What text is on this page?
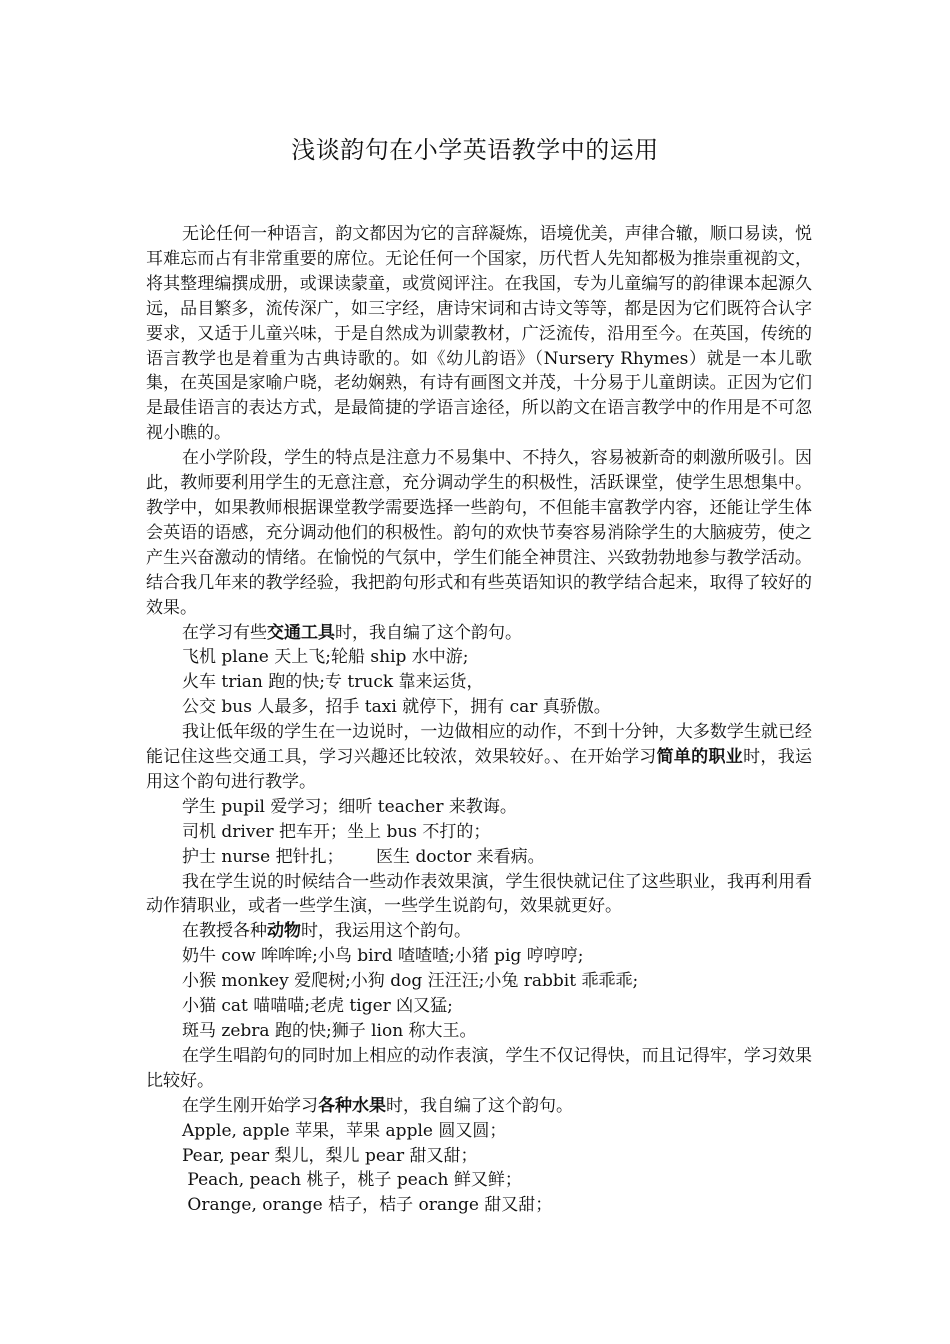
浅谈韵句在小学英语教学中的运用

无论任何一种语言，韵文都因为它的言辞凝炼，语境优美，声律合辙，顺口易读，悦耳难忘而占有非常重要的席位。无论任何一个国家，历代哲人先知都极为推崇重视韵文，将其整理编撰成册，或课读蒙童，或赏阅评注。在我国，专为儿童编写的韵律课本起源久远，品目繁多，流传深广，如三字经，唐诗宋词和古诗文等等，都是因为它们既符合认字要求，又适于儿童兴味，于是自然成为训蒙教材，广泛流传，沿用至今。在英国，传统的语言教学也是着重为古典诗歌的。如《幼儿韵语》（Nursery Rhymes）就是一本儿歌集，在英国是家喻户晓，老幼娴熟，有诗有画图文并茂，十分易于儿童朗读。正因为它们是最佳语言的表达方式，是最简捷的学语言途径，所以韵文在语言教学中的作用是不可忽视小瞧的。

在小学阶段，学生的特点是注意力不易集中、不持久，容易被新奇的刺激所吸引。因此，教师要利用学生的无意注意，充分调动学生的积极性，活跃课堂，使学生思想集中。教学中，如果教师根据课堂教学需要选择一些韵句，不但能丰富教学内容，还能让学生体会英语的语感，充分调动他们的积极性。韵句的欢快节奏容易消除学生的大脑疲劳，使之产生兴奋激动的情绪。在愉悦的气氛中，学生们能全神贯注、兴致勃勃地参与教学活动。结合我几年来的教学经验，我把韵句形式和有些英语知识的教学结合起来，取得了较好的效果。

在学习有些交通工具时，我自编了这个韵句。

飞机 plane 天上飞;轮船 ship 水中游;

火车 trian 跑的快;专 truck 靠来运货，

公交 bus 人最多，招手 taxi 就停下，拥有 car 真骄傲。

我让低年级的学生在一边说时，一边做相应的动作，不到十分钟，大多数学生就已经能记住这些交通工具，学习兴趣还比较浓，效果较好。、在开始学习简单的职业时，我运用这个韵句进行教学。

学生 pupil 爱学习；细听 teacher 来教诲。

司机 driver 把车开；坐上 bus 不打的；

护士 nurse 把针扎；      医生 doctor 来看病。

我在学生说的时候结合一些动作表效果演，学生很快就记住了这些职业，我再利用看动作猜职业，或者一些学生演，一些学生说韵句，效果就更好。

在教授各种动物时，我运用这个韵句。

奶牛 cow 哞哞哞;小鸟 bird 喳喳喳;小猪 pig 哼哼哼;

小猴 monkey 爱爬树;小狗 dog 汪汪汪;小兔 rabbit 乖乖乖;

小猫 cat 喵喵喵;老虎 tiger 凶又猛;

斑马 zebra 跑的快;狮子 lion 称大王。

在学生唱韵句的同时加上相应的动作表演，学生不仅记得快，而且记得牢，学习效果比较好。

在学生刚开始学习各种水果时，我自编了这个韵句。

Apple, apple 苹果，苹果 apple 圆又圆；

Pear, pear 梨儿，梨儿 pear 甜又甜；

Peach, peach 桃子，桃子 peach 鲜又鲜；

Orange, orange 桔子，桔子 orange 甜又甜；
